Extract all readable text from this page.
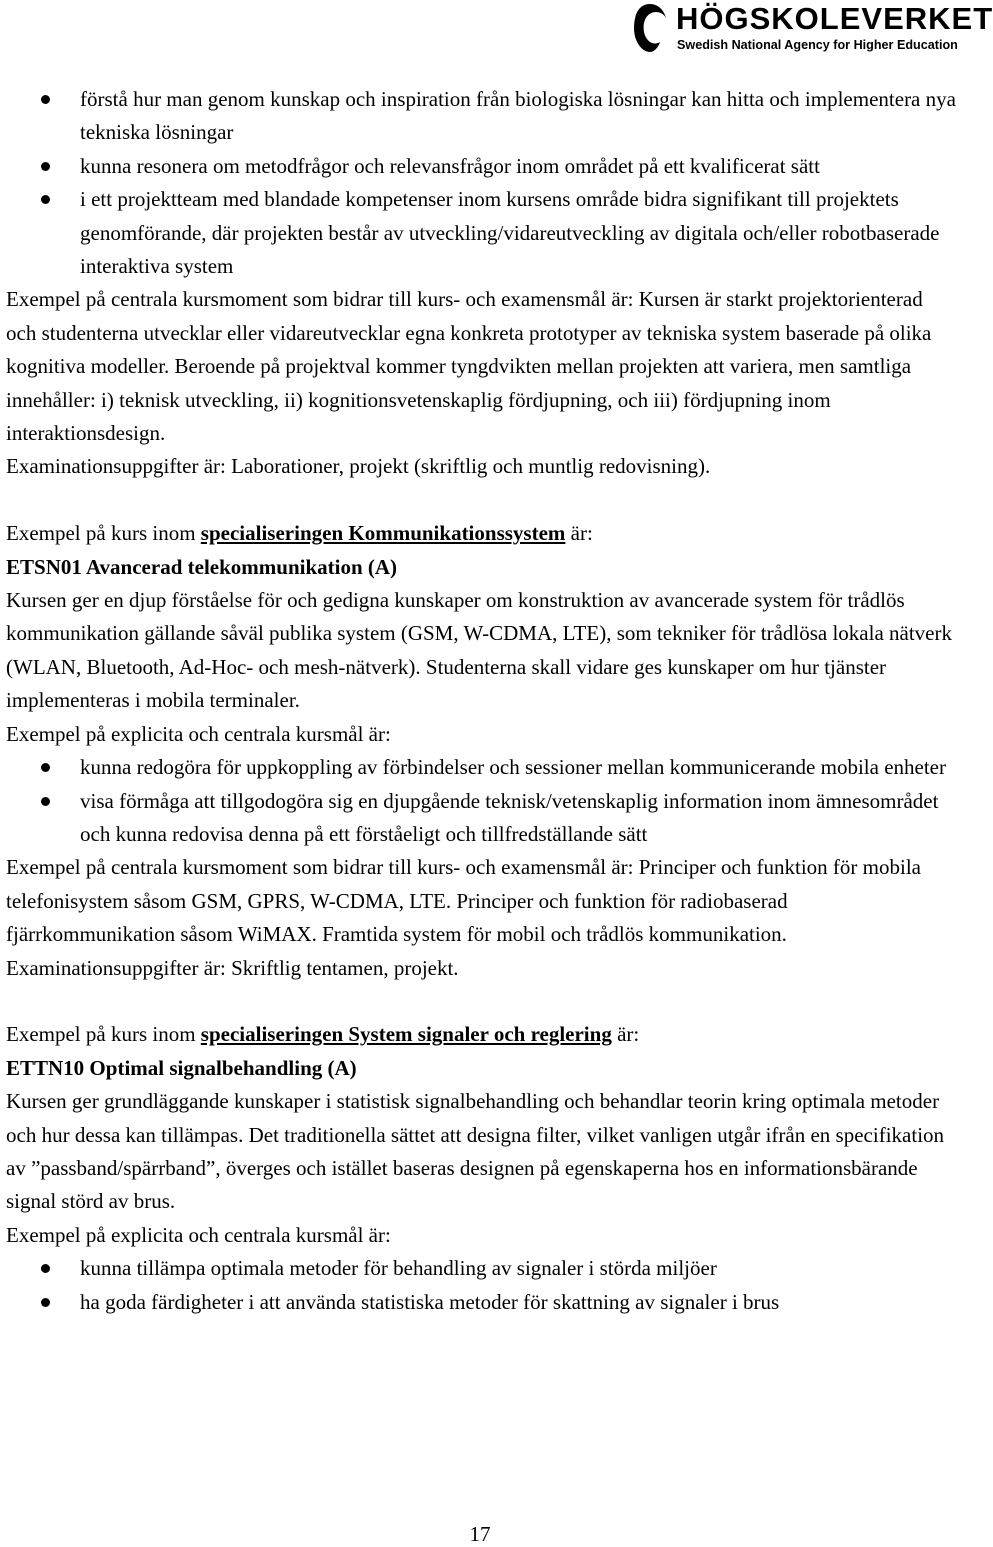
HÖGSKOLEVERKET
Swedish National Agency for Higher Education
förstå hur man genom kunskap och inspiration från biologiska lösningar kan hitta och implementera nya tekniska lösningar
kunna resonera om metodfrågor och relevansfrågor inom området på ett kvalificerat sätt
i ett projektteam med blandade kompetenser inom kursens område bidra signifikant till projektets genomförande, där projekten består av utveckling/vidareutveckling av digitala och/eller robotbaserade interaktiva system

Exempel på centrala kursmoment som bidrar till kurs- och examensmål är: Kursen är starkt projektorienterad och studenterna utvecklar eller vidareutvecklar egna konkreta prototyper av tekniska system baserade på olika kognitiva modeller. Beroende på projektval kommer tyngdvikten mellan projekten att variera, men samtliga innehåller: i) teknisk utveckling, ii) kognitionsvetenskaplig fördjupning, och iii) fördjupning inom interaktionsdesign.

Examinationsuppgifter är: Laborationer, projekt (skriftlig och muntlig redovisning).

Exempel på kurs inom specialiseringen Kommunikationssystem är:

ETSN01 Avancerad telekommunikation (A)

Kursen ger en djup förståelse för och gedigna kunskaper om konstruktion av avancerade system för trådlös kommunikation gällande såväl publika system (GSM, W-CDMA, LTE), som tekniker för trådlösa lokala nätverk (WLAN, Bluetooth, Ad-Hoc- och mesh-nätverk). Studenterna skall vidare ges kunskaper om hur tjänster implementeras i mobila terminaler.

Exempel på explicita och centrala kursmål är:

kunna redogöra för uppkoppling av förbindelser och sessioner mellan kommunicerande mobila enheter
visa förmåga att tillgodogöra sig en djupgående teknisk/vetenskaplig information inom ämnesområdet och kunna redovisa denna på ett förståeligt och tillfredställande sätt

Exempel på centrala kursmoment som bidrar till kurs- och examensmål är: Principer och funktion för mobila telefonisystem såsom GSM, GPRS, W-CDMA, LTE. Principer och funktion för radiobaserad fjärrkommunikation såsom WiMAX. Framtida system för mobil och trådlös kommunikation.

Examinationsuppgifter är: Skriftlig tentamen, projekt.

Exempel på kurs inom specialiseringen System signaler och reglering är:

ETTN10 Optimal signalbehandling (A)

Kursen ger grundläggande kunskaper i statistisk signalbehandling och behandlar teorin kring optimala metoder och hur dessa kan tillämpas. Det traditionella sättet att designa filter, vilket vanligen utgår ifrån en specifikation av ”passband/spärrband”, överges och istället baseras designen på egenskaperna hos en informationsbärande signal störd av brus.

Exempel på explicita och centrala kursmål är:

kunna tillämpa optimala metoder för behandling av signaler i störda miljöer
ha goda färdigheter i att använda statistiska metoder för skattning av signaler i brus
17
